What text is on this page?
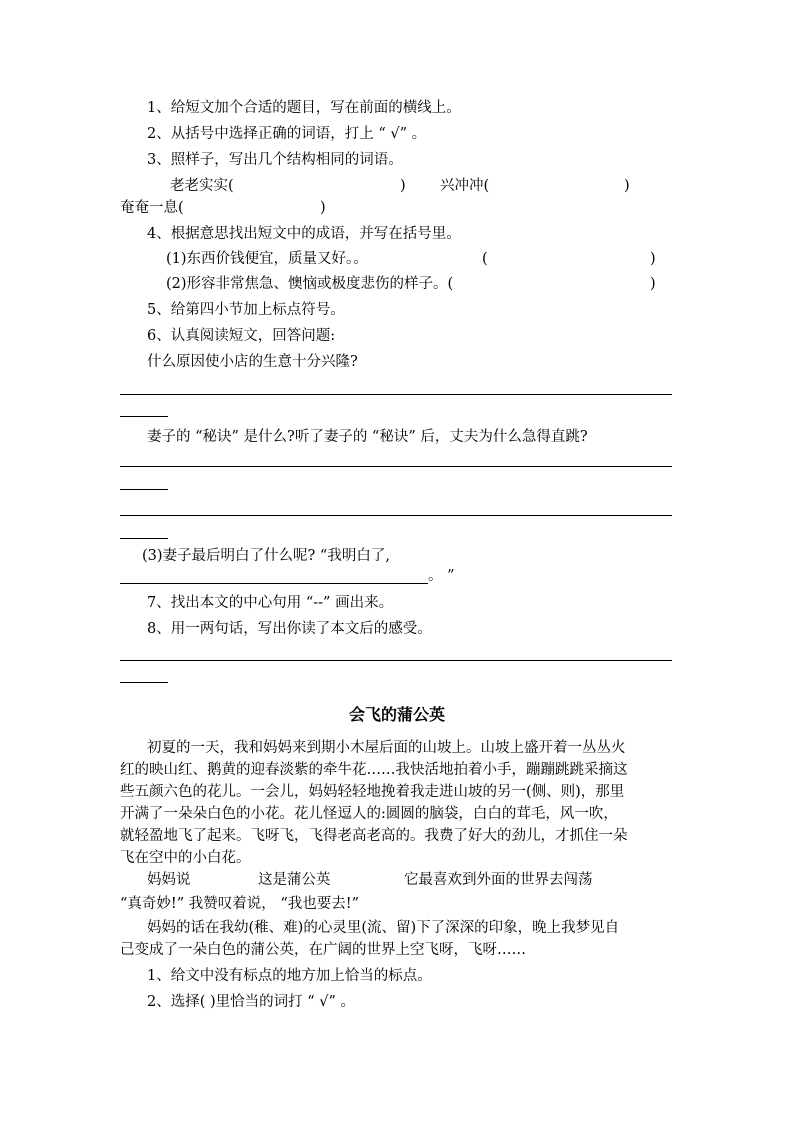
1、给短文加个合适的题目，写在前面的横线上。

2、从括号中选择正确的词语，打上 “ √” 。

3、照样子，写出几个结构相同的词语。

老老实实(	) 兴冲冲(	)

奄奄一息(	)

4、根据意思找出短文中的成语，并写在括号里。

(1)东西价钱便宜，质量又好。。	(	)

(2)形容非常焦急、懊恼或极度悲伤的样子。(	)

5、给第四小节加上标点符号。

6、认真阅读短文，回答问题:

什么原因使小店的生意十分兴隆?

妻子的 “秘诀” 是什么?听了妻子的 “秘诀” 后，丈夫为什么急得直跳?

(3)妻子最后明白了什么呢? “我明白了,

。 ”

7、找出本文的中心句用 “--” 画出来。

8、用一两句话，写出你读了本文后的感受。

会飞的蒲公英

初夏的一天，我和妈妈来到期小木屋后面的山坡上。山坡上盛开着一丛丛火

红的映山红、鹅黄的迎春淡紫的牵牛花……我快活地拍着小手，蹦蹦跳跳采摘这

些五颜六色的花儿。一会儿，妈妈轻轻地挽着我走进山坡的另一(侧、则)，那里

开满了一朵朵白色的小花。花儿怪逗人的:圆圆的脑袋，白白的茸毛，风一吹，

就轻盈地飞了起来。飞呀飞，飞得老高老高的。我费了好大的劲儿，才抓住一朵

飞在空中的小白花。

妈妈说	这是蒲公英	它最喜欢到外面的世界去闯荡

“真奇妙!” 我赞叹着说， “我也要去!”

妈妈的话在我幼(稚、难)的心灵里(流、留)下了深深的印象，晚上我梦见自

己变成了一朵白色的蒲公英，在广阔的世界上空飞呀，飞呀……

1、给文中没有标点的地方加上恰当的标点。

2、选择( )里恰当的词打 “ √” 。
